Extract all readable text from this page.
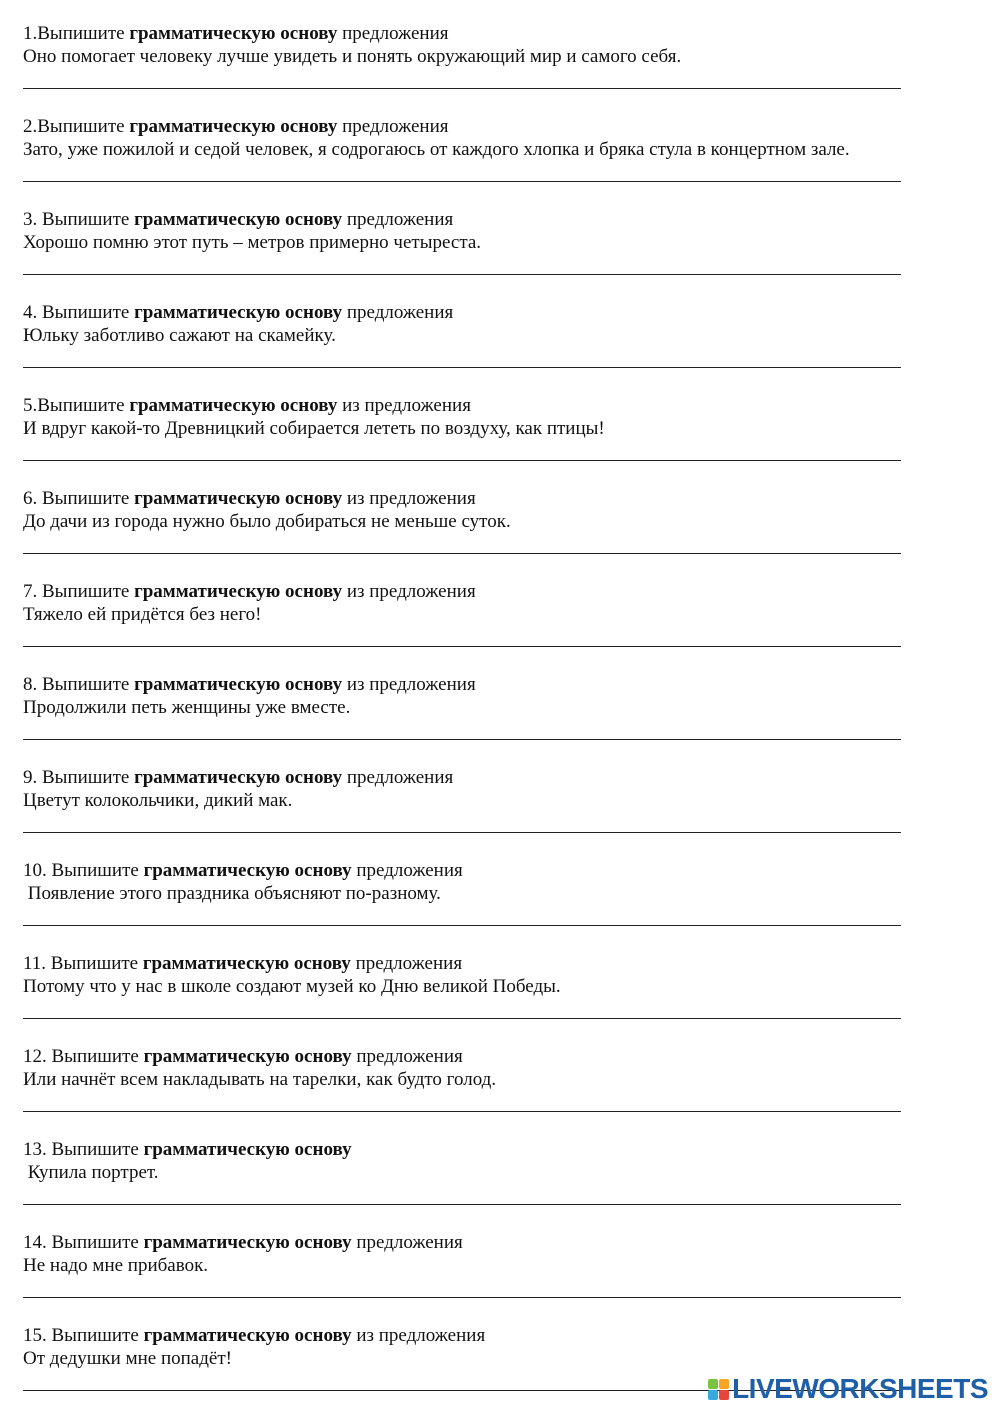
1.Выпишите грамматическую основу предложения
Оно помогает человеку лучше увидеть и понять окружающий мир и самого себя.
2.Выпишите грамматическую основу предложения
Зато, уже пожилой и седой человек, я содрогаюсь от каждого хлопка и бряка стула в концертном зале.
3. Выпишите грамматическую основу предложения
Хорошо помню этот путь – метров примерно четыреста.
4. Выпишите грамматическую основу предложения
Юльку заботливо сажают на скамейку.
5.Выпишите грамматическую основу из предложения
И вдруг какой-то Древницкий собирается лететь по воздуху, как птицы!
6. Выпишите грамматическую основу из предложения
До дачи из города нужно было добираться не меньше суток.
7. Выпишите грамматическую основу из предложения
Тяжело ей придётся без него!
8. Выпишите грамматическую основу из предложения
Продолжили петь женщины уже вместе.
9. Выпишите грамматическую основу предложения
Цветут колокольчики, дикий мак.
10. Выпишите грамматическую основу предложения
Появление этого праздника объясняют по-разному.
11. Выпишите грамматическую основу предложения
Потому что у нас в школе создают музей ко Дню великой Победы.
12. Выпишите грамматическую основу предложения
Или начнёт всем накладывать на тарелки, как будто голод.
13. Выпишите грамматическую основу
Купила портрет.
14. Выпишите грамматическую основу предложения
Не надо мне прибавок.
15. Выпишите грамматическую основу из предложения
От дедушки мне попадёт!
LIVEWORKSHEETS
